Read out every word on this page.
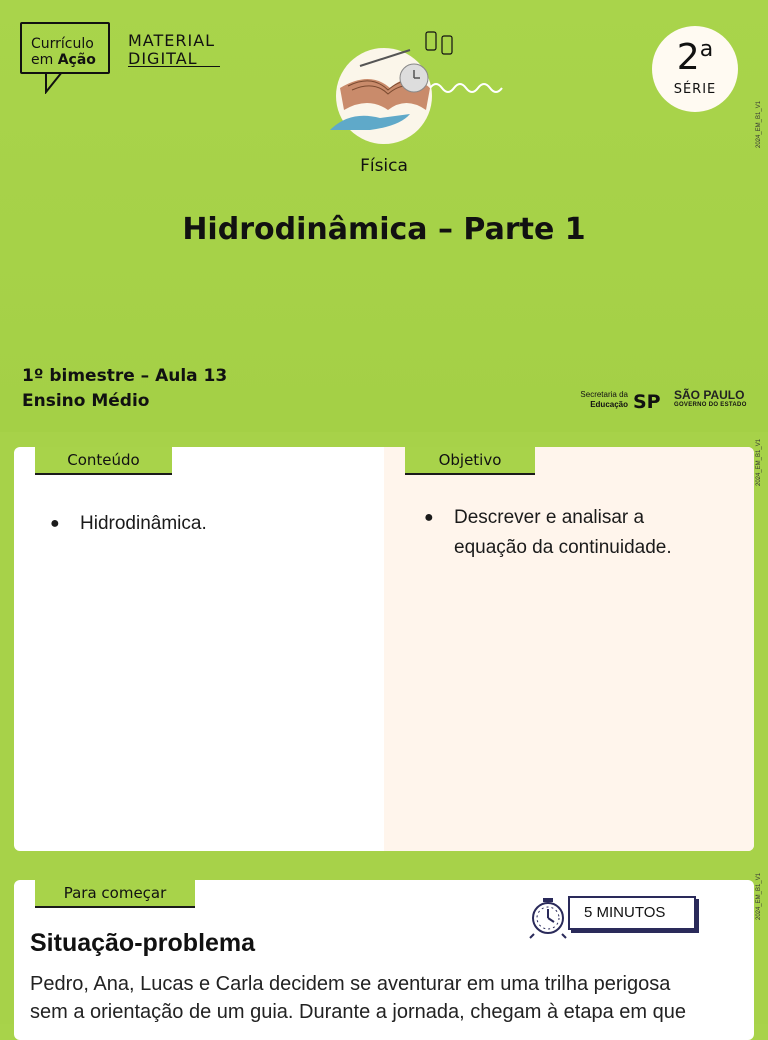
Currículo
em Ação
MATERIAL
DIGITAL	2$^a$
SÉRIE
2024_EM_B1_V1
Física
Hidrodinâmica – Parte 1
1º bimestre – Aula 13
Ensino Médio	Secretaria da
Educação SP SÃO PAULO
GOVERNO DO ESTADO
2024_EM_B1_V1
Conteúdo	Objetivo
● Hidrodinâmica.	● Descrever e analisar a
equação da continuidade.
2024_EM_B1_V1
Para começar
5 MINUTOS
Situação-problema
Pedro, Ana, Lucas e Carla decidem se aventurar em uma trilha perigosa
sem a orientação de um guia. Durante a jornada, chegam à etapa em que
